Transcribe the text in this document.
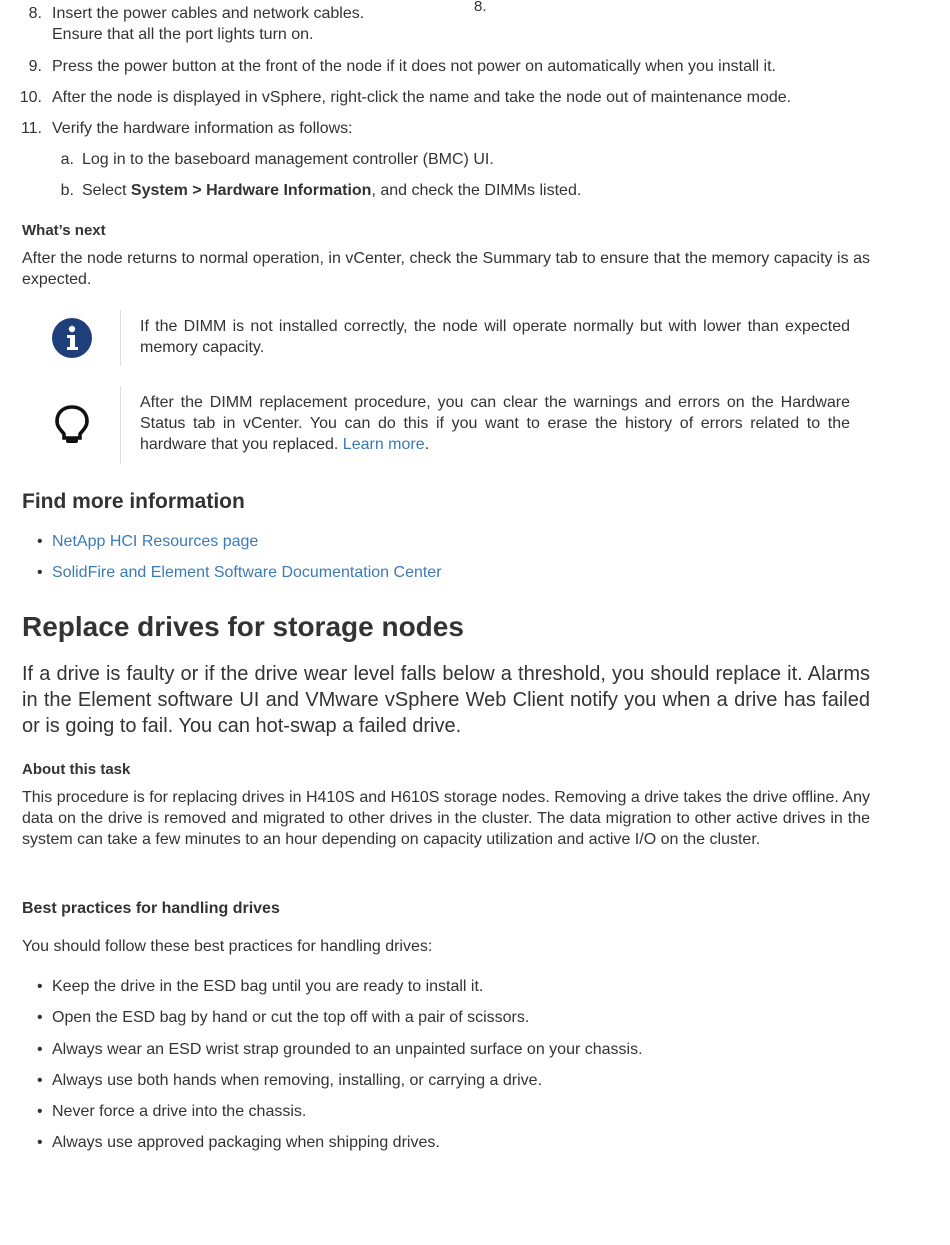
8.
8. Insert the power cables and network cables.
Ensure that all the port lights turn on.
9. Press the power button at the front of the node if it does not power on automatically when you install it.
10. After the node is displayed in vSphere, right-click the name and take the node out of maintenance mode.
11. Verify the hardware information as follows:
a. Log in to the baseboard management controller (BMC) UI.
b. Select System > Hardware Information, and check the DIMMs listed.
What’s next
After the node returns to normal operation, in vCenter, check the Summary tab to ensure that the memory capacity is as expected.
If the DIMM is not installed correctly, the node will operate normally but with lower than expected memory capacity.
After the DIMM replacement procedure, you can clear the warnings and errors on the Hardware Status tab in vCenter. You can do this if you want to erase the history of errors related to the hardware that you replaced. Learn more.
Find more information
• NetApp HCI Resources page
• SolidFire and Element Software Documentation Center
Replace drives for storage nodes
If a drive is faulty or if the drive wear level falls below a threshold, you should replace it. Alarms in the Element software UI and VMware vSphere Web Client notify you when a drive has failed or is going to fail. You can hot-swap a failed drive.
About this task
This procedure is for replacing drives in H410S and H610S storage nodes. Removing a drive takes the drive offline. Any data on the drive is removed and migrated to other drives in the cluster. The data migration to other active drives in the system can take a few minutes to an hour depending on capacity utilization and active I/O on the cluster.
Best practices for handling drives
You should follow these best practices for handling drives:
• Keep the drive in the ESD bag until you are ready to install it.
• Open the ESD bag by hand or cut the top off with a pair of scissors.
• Always wear an ESD wrist strap grounded to an unpainted surface on your chassis.
• Always use both hands when removing, installing, or carrying a drive.
• Never force a drive into the chassis.
• Always use approved packaging when shipping drives.
